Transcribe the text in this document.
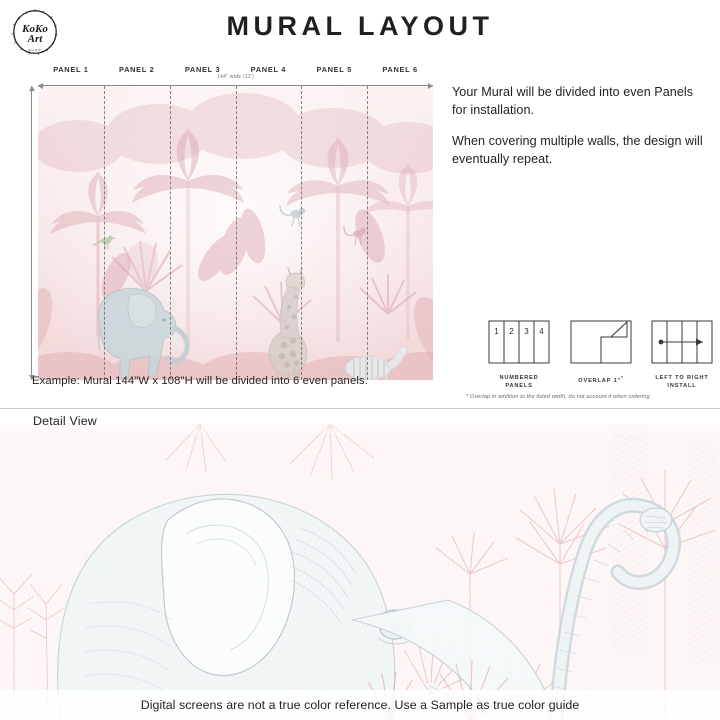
KoKo
Art
SHOP
MURAL LAYOUT
PANEL 1	PANEL 2	PANEL 3	PANEL 4	PANEL 5	PANEL 6
144" wide (12')
Example: Mural 144"W x 108"H will be divided into 6 even panels.

Your Mural will be divided into even Panels for installation.

When covering multiple walls, the design will eventually repeat.

1 2 3 4
NUMBERED PANELS
OVERLAP 1"*	LEFT TO RIGHT
INSTALL
* Overlap in addition to the listed width, do not account it when ordering
Detail View
Digital screens are not a true color reference. Use a Sample as true color guide
